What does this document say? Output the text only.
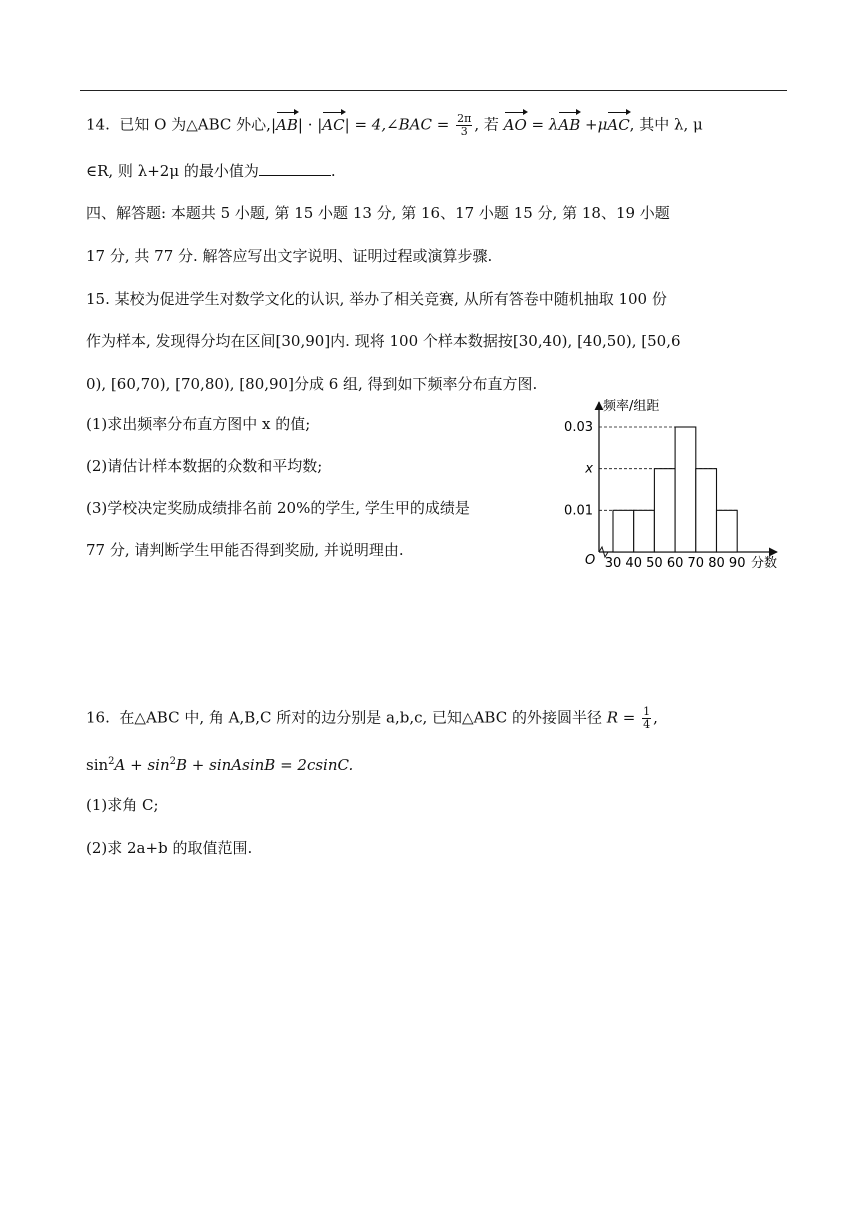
14. 已知 O 为△ABC 外心,|AB| · |AC| = 4,∠BAC = $\frac{2\pi}{3}$ , 若 AO = λAB +μAC, 其中 λ, μ
∈R, 则 λ+2μ 的最小值为	.
四、解答题: 本题共 5 小题, 第 15 小题 13 分, 第 16、17 小题 15 分, 第 18、19 小题
17 分, 共 77 分. 解答应写出文字说明、证明过程或演算步骤.
15. 某校为促进学生对数学文化的认识, 举办了相关竞赛, 从所有答卷中随机抽取 100 份
作为样本, 发现得分均在区间[30,90]内. 现将 100 个样本数据按[30,40), [40,50), [50,6
0), [60,70), [70,80), [80,90]分成 6 组, 得到如下频率分布直方图.
(1)求出频率分布直方图中 x 的值;
(2)请估计样本数据的众数和平均数;
(3)学校决定奖励成绩排名前 20%的学生, 学生甲的成绩是
77 分, 请判断学生甲能否得到奖励, 并说明理由.
频率/组距
O	分数
0.01
x
0.03
30 40 50 60 70 80 90
16. 在△ABC 中, 角 A,B,C 所对的边分别是 a,b,c, 已知△ABC 的外接圆半径 $R = \frac{1}{4}$ ,
$\sin^2A + \sin^2B$ + sinAsinB = 2csinC.
(1)求角 C;
(2)求 2a+b 的取值范围.
